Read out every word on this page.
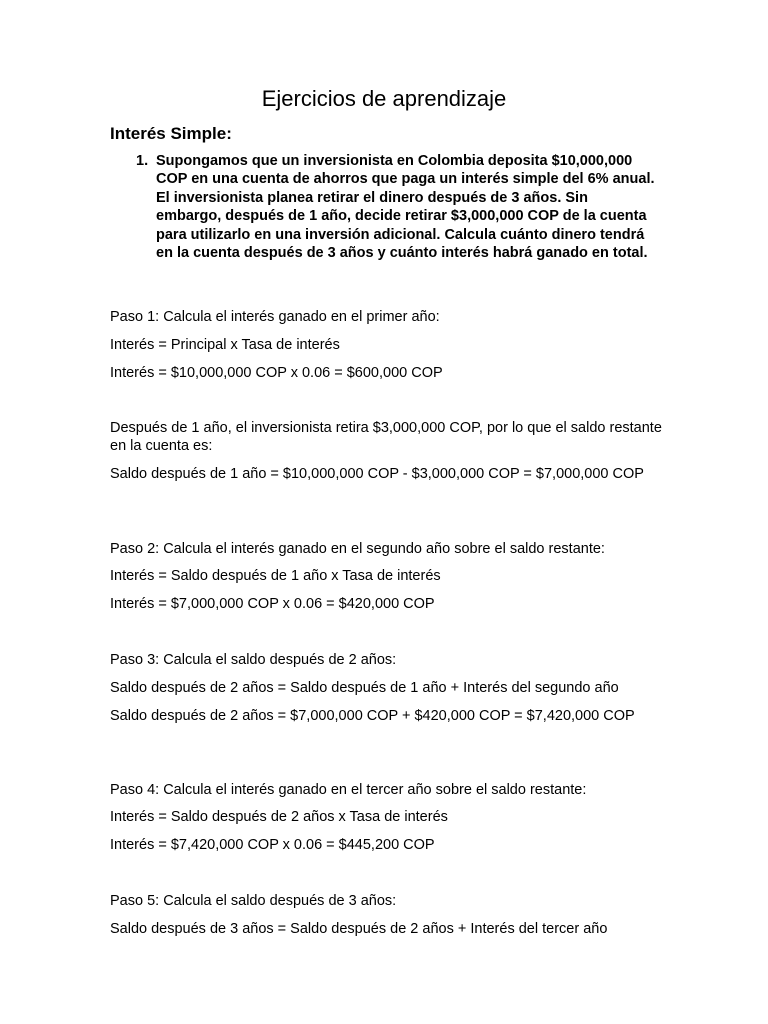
Ejercicios de aprendizaje
Interés Simple:
1. Supongamos que un inversionista en Colombia deposita $10,000,000 COP en una cuenta de ahorros que paga un interés simple del 6% anual. El inversionista planea retirar el dinero después de 3 años. Sin embargo, después de 1 año, decide retirar $3,000,000 COP de la cuenta para utilizarlo en una inversión adicional. Calcula cuánto dinero tendrá en la cuenta después de 3 años y cuánto interés habrá ganado en total.

Paso 1: Calcula el interés ganado en el primer año:

Interés = Principal x Tasa de interés

Interés = $10,000,000 COP x 0.06 = $600,000 COP

Después de 1 año, el inversionista retira $3,000,000 COP, por lo que el saldo restante en la cuenta es:

Saldo después de 1 año = $10,000,000 COP - $3,000,000 COP = $7,000,000 COP

Paso 2: Calcula el interés ganado en el segundo año sobre el saldo restante:

Interés = Saldo después de 1 año x Tasa de interés

Interés = $7,000,000 COP x 0.06 = $420,000 COP

Paso 3: Calcula el saldo después de 2 años:

Saldo después de 2 años = Saldo después de 1 año + Interés del segundo año

Saldo después de 2 años = $7,000,000 COP + $420,000 COP = $7,420,000 COP

Paso 4: Calcula el interés ganado en el tercer año sobre el saldo restante:

Interés = Saldo después de 2 años x Tasa de interés

Interés = $7,420,000 COP x 0.06 = $445,200 COP

Paso 5: Calcula el saldo después de 3 años:

Saldo después de 3 años = Saldo después de 2 años + Interés del tercer año
